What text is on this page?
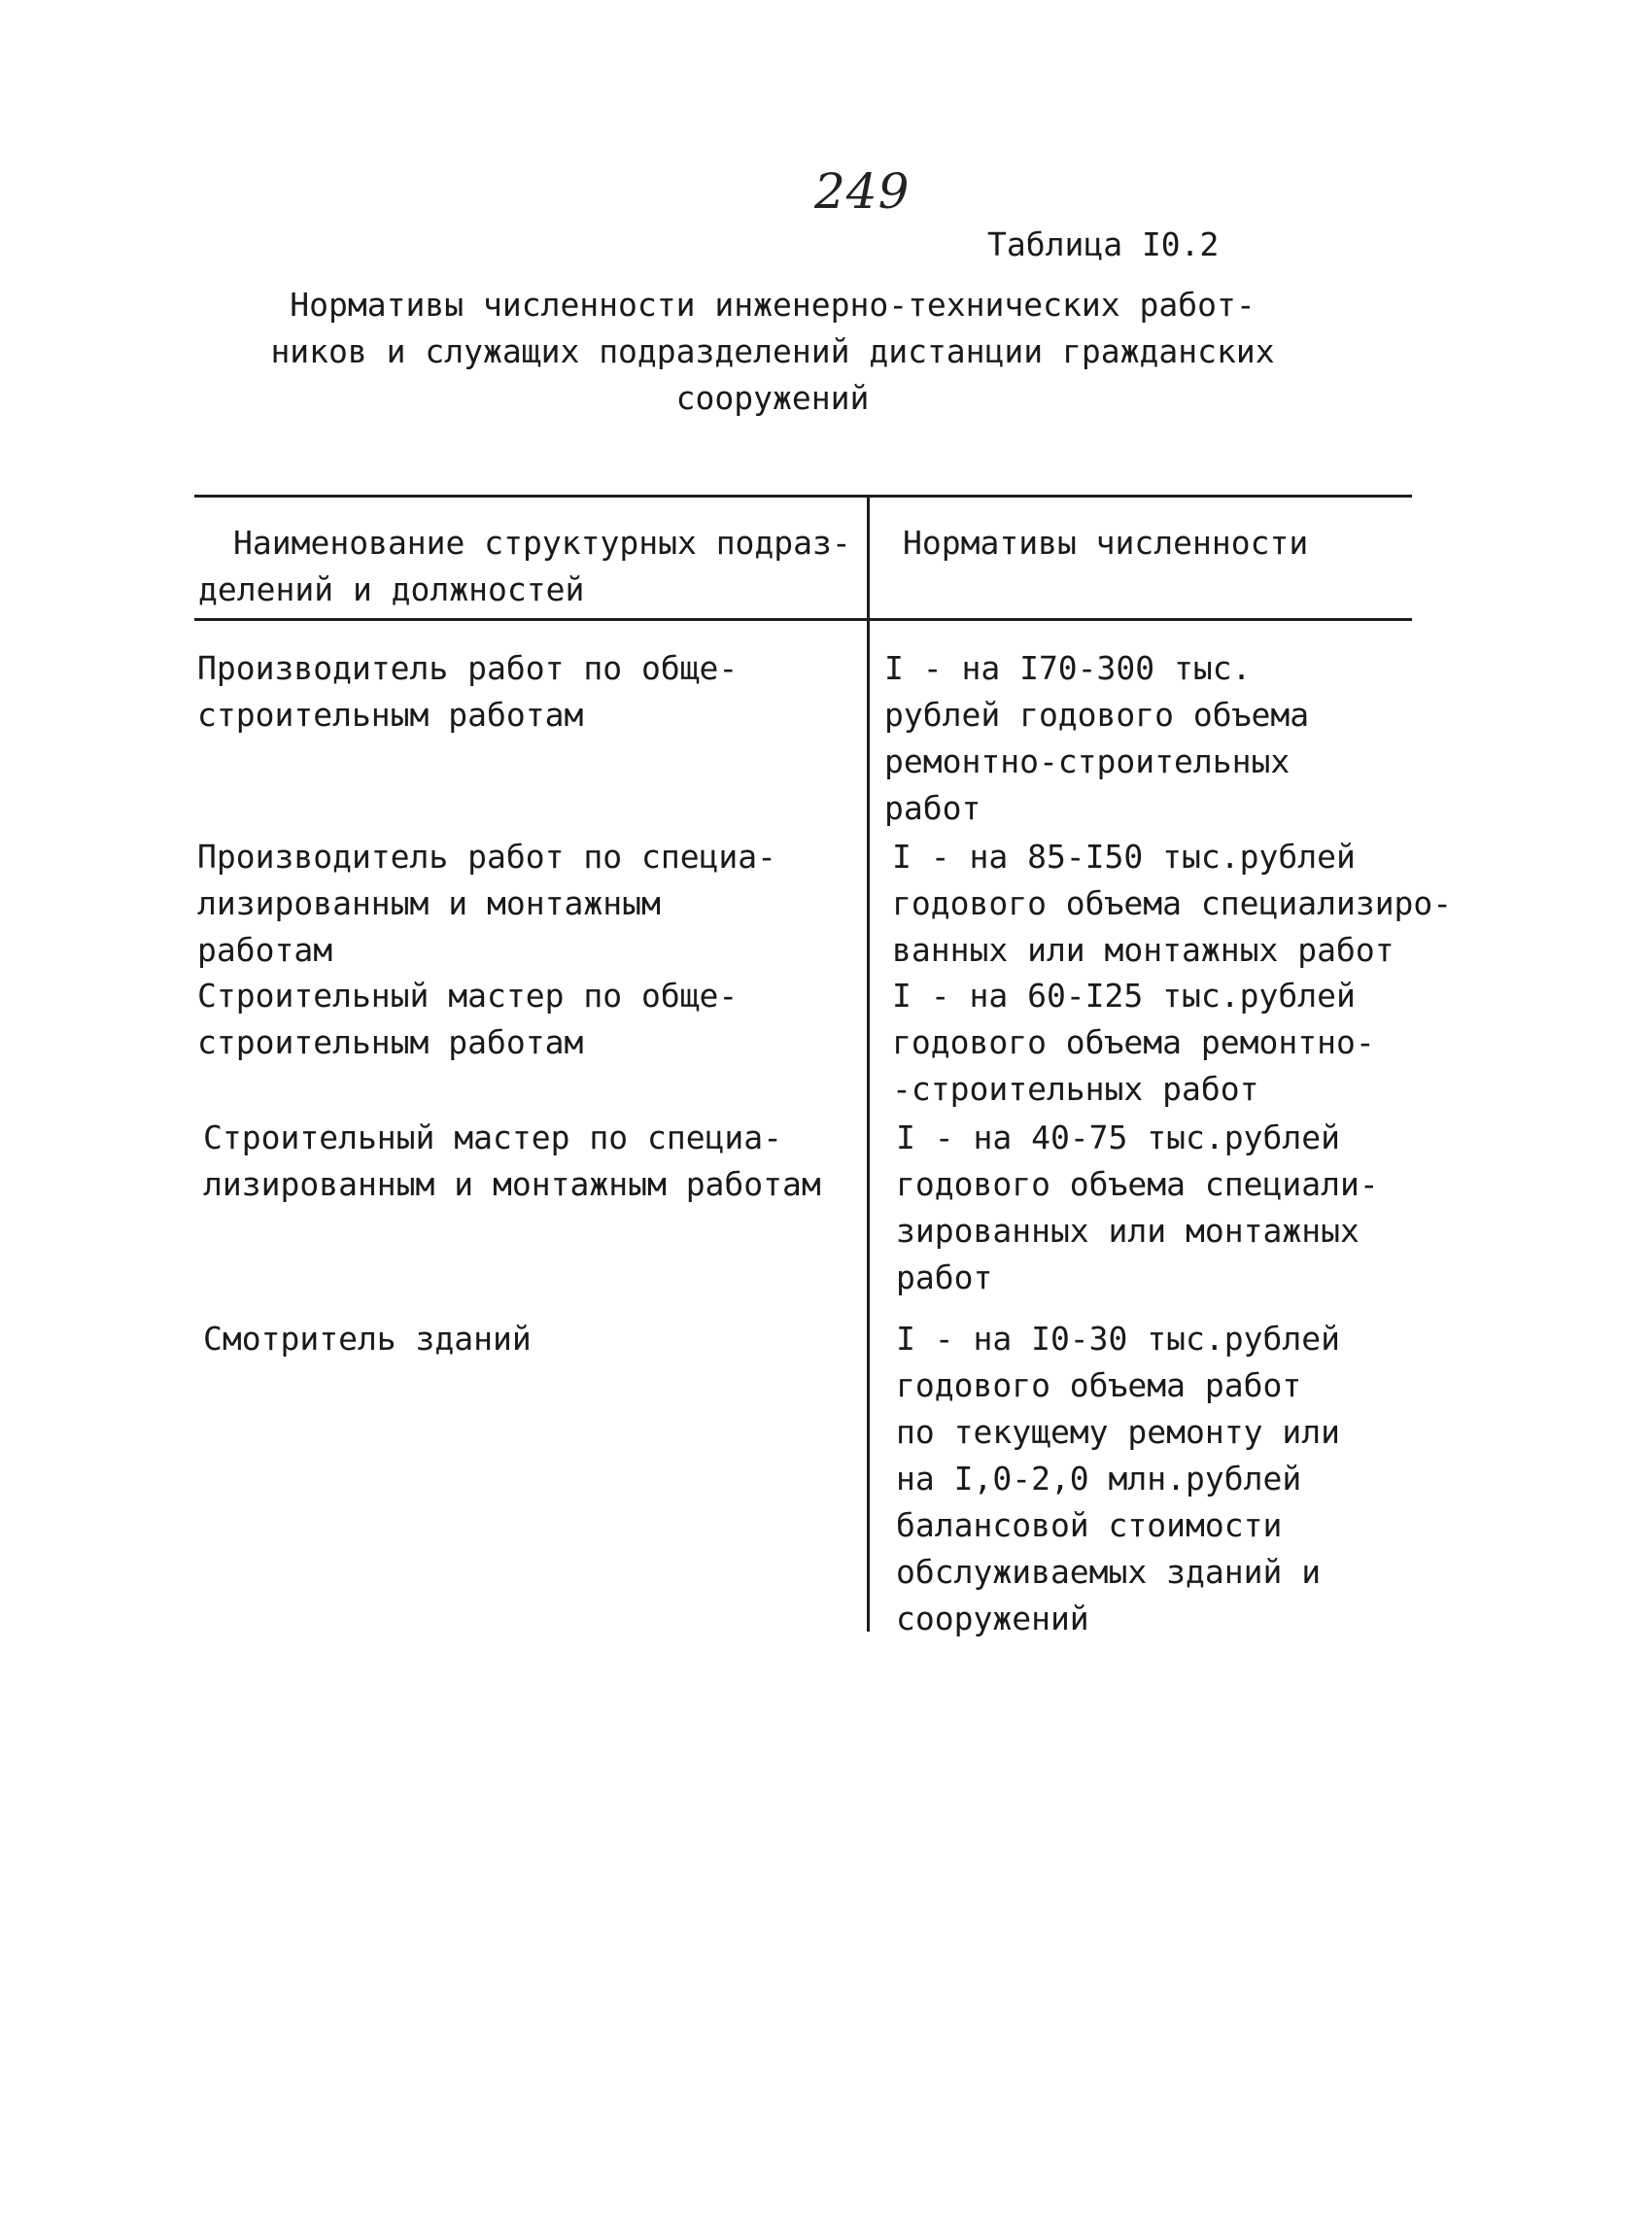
249
Таблица I0.2
Нормативы численности инженерно-технических работ-
ников и служащих подразделений дистанции гражданских
сооружений
Наименование структурных подраз-
делений и должностей
Нормативы численности
Производитель работ по обще-
строительным работам
I - на I70-300 тыс.
рублей годового объема
ремонтно-строительных
работ
Производитель работ по специа-
лизированным и монтажным
работам
I - на 85-I50 тыс.рублей
годового объема специализиро-
ванных или монтажных работ
Строительный мастер по обще-
строительным работам
I - на 60-I25 тыс.рублей
годового объема ремонтно-
-строительных работ
Строительный мастер по специа-
лизированным и монтажным работам
I - на 40-75 тыс.рублей
годового объема специали-
зированных или монтажных
работ
Смотритель зданий	I - на I0-30 тыс.рублей
годового объема работ
по текущему ремонту или
на I,0-2,0 млн.рублей
балансовой стоимости
обслуживаемых зданий и
сооружений
